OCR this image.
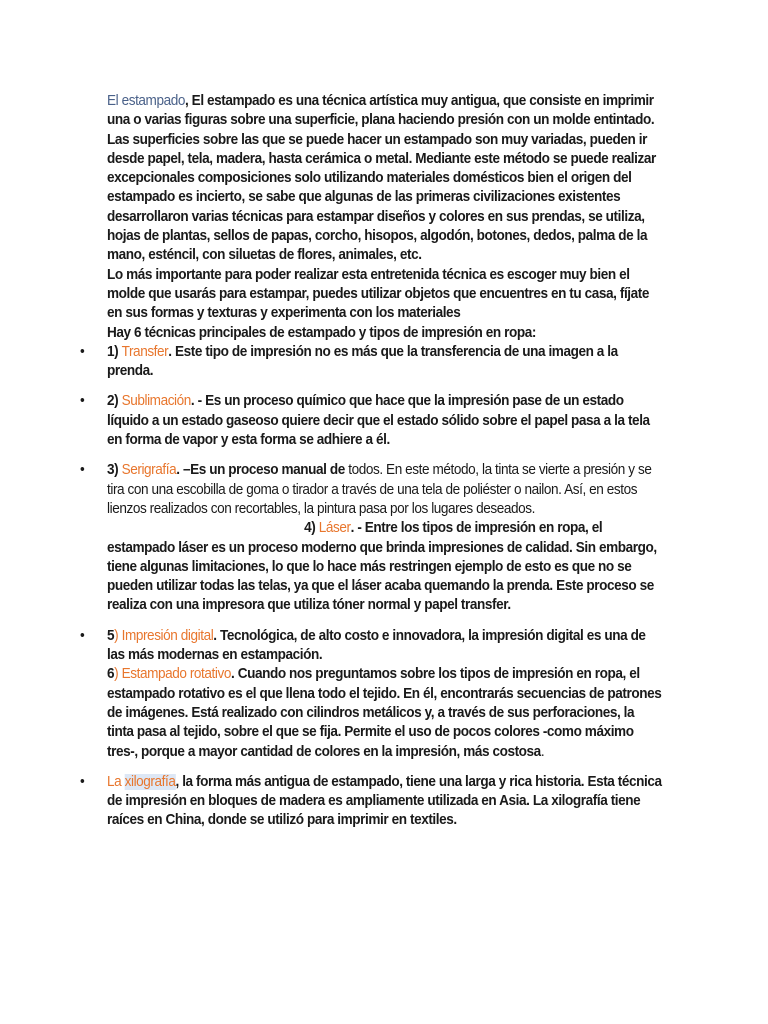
El estampado, El estampado es una técnica artística muy antigua, que consiste en imprimir una o varias figuras sobre una superficie, plana haciendo presión con un molde entintado. Las superficies sobre las que se puede hacer un estampado son muy variadas, pueden ir desde papel, tela, madera, hasta cerámica o metal. Mediante este método se puede realizar excepcionales composiciones solo utilizando materiales domésticos bien el origen del estampado es incierto, se sabe que algunas de las primeras civilizaciones existentes desarrollaron varias técnicas para estampar diseños y colores en sus prendas, se utiliza, hojas de plantas, sellos de papas, corcho, hisopos, algodón, botones, dedos, palma de la mano, esténcil, con siluetas de flores, animales, etc.

Lo más importante para poder realizar esta entretenida técnica es escoger muy bien el molde que usarás para estampar, puedes utilizar objetos que encuentres en tu casa, fíjate en sus formas y texturas y experimenta con los materiales

Hay 6 técnicas principales de estampado y tipos de impresión en ropa:

• 1) Transfer. Este tipo de impresión no es más que la transferencia de una imagen a la prenda.
• 2) Sublimación. - Es un proceso químico que hace que la impresión pase de un estado líquido a un estado gaseoso quiere decir que el estado sólido sobre el papel pasa a la tela en forma de vapor y esta forma se adhiere a él.
• 3) Serigrafía. –Es un proceso manual de todos. En este método, la tinta se vierte a presión y se tira con una escobilla de goma o tirador a través de una tela de poliéster o nailon. Así, en estos lienzos realizados con recortables, la pintura pasa por los lugares deseados.4) Láser. - Entre los tipos de impresión en ropa, el estampado láser es un proceso moderno que brinda impresiones de calidad. Sin embargo, tiene algunas limitaciones, lo que lo hace más restringen ejemplo de esto es que no se pueden utilizar todas las telas, ya que el láser acaba quemando la prenda. Este proceso se realiza con una impresora que utiliza tóner normal y papel transfer.
• 5) Impresión digital. Tecnológica, de alto costo e innovadora, la impresión digital es una de las más modernas en estampación.
6) Estampado rotativo. Cuando nos preguntamos sobre los tipos de impresión en ropa, el estampado rotativo es el que llena todo el tejido. En él, encontrarás secuencias de patrones de imágenes. Está realizado con cilindros metálicos y, a través de sus perforaciones, la tinta pasa al tejido, sobre el que se fija. Permite el uso de pocos colores -como máximo tres-, porque a mayor cantidad de colores en la impresión, más costosa.
• La xilografía, la forma más antigua de estampado, tiene una larga y rica historia. Esta técnica de impresión en bloques de madera es ampliamente utilizada en Asia. La xilografía tiene raíces en China, donde se utilizó para imprimir en textiles.
